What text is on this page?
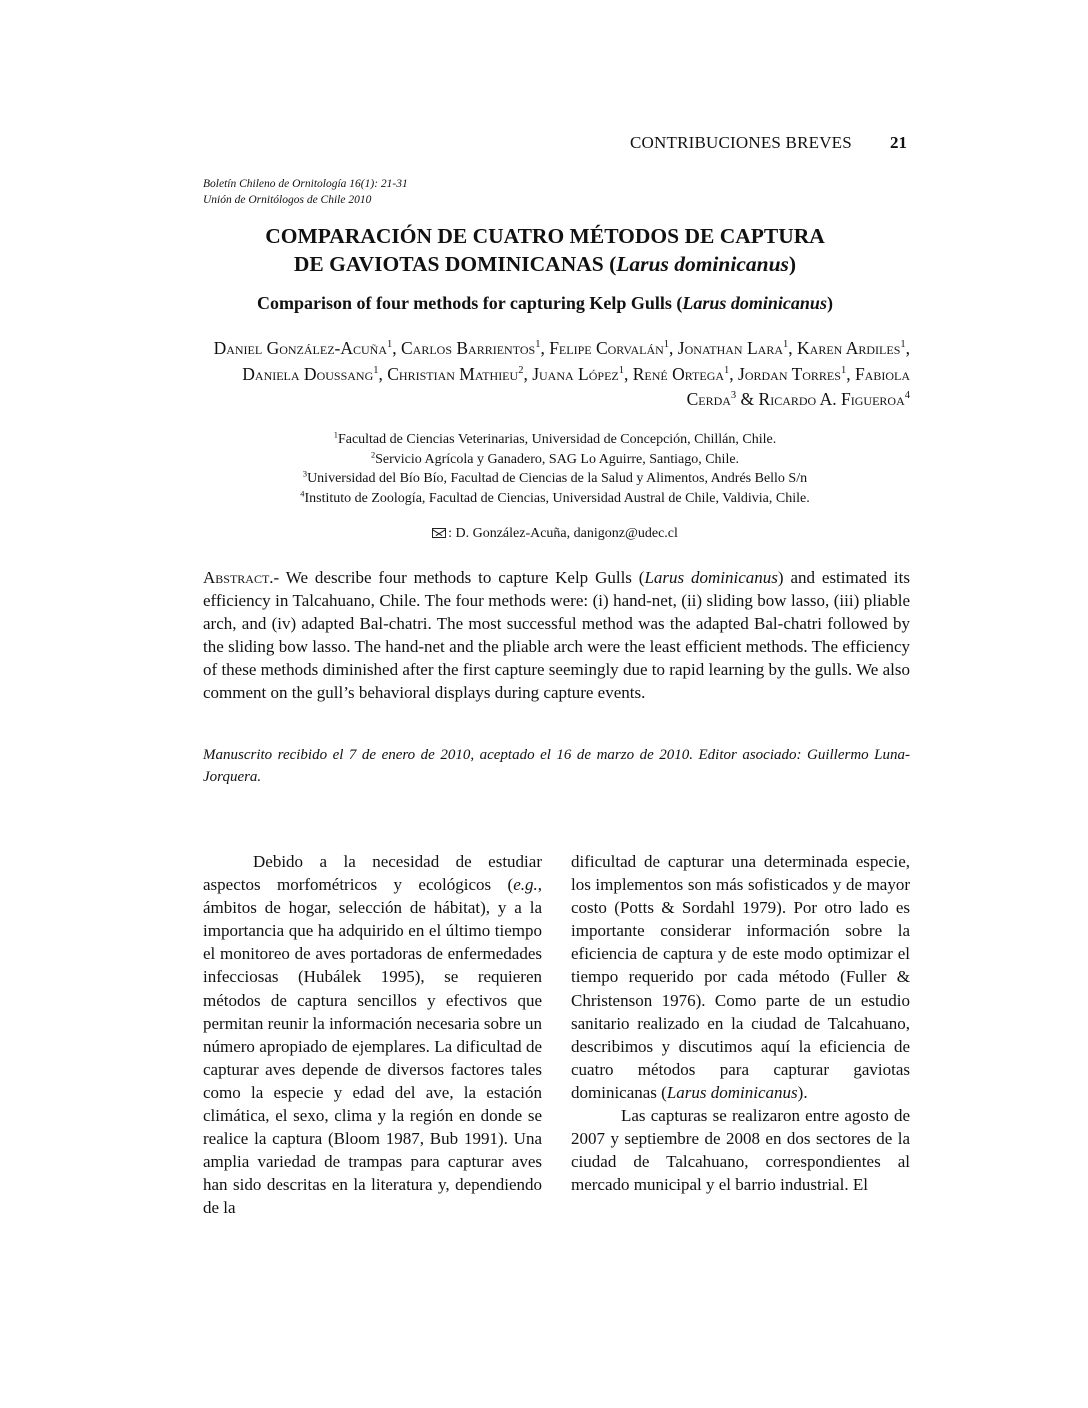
CONTRIBUCIONES BREVES 21
Boletín Chileno de Ornitología 16(1): 21-31
Unión de Ornitólogos de Chile 2010
COMPARACIÓN DE CUATRO MÉTODOS DE CAPTURA
DE GAVIOTAS DOMINICANAS (Larus dominicanus)
Comparison of four methods for capturing Kelp Gulls (Larus dominicanus)
Daniel González-Acuña$^1$, Carlos Barrientos$^1$, Felipe Corvalán$^1$, Jonathan Lara$^1$, Karen Ardiles$^1$, Daniela Doussang$^1$, Christian Mathieu$^2$, Juana López$^1$, René Ortega$^1$, Jordan Torres$^1$, Fabiola Cerda$^3$ & Ricardo A. Figueroa$^4$
$^1$Facultad de Ciencias Veterinarias, Universidad de Concepción, Chillán, Chile.
$^2$Servicio Agrícola y Ganadero, SAG Lo Aguirre, Santiago, Chile.
$^3$Universidad del Bío Bío, Facultad de Ciencias de la Salud y Alimentos, Andrés Bello S/n
$^4$Instituto de Zoología, Facultad de Ciencias, Universidad Austral de Chile, Valdivia, Chile.
: D. González-Acuña, danigonz@udec.cl
Abstract.- We describe four methods to capture Kelp Gulls (Larus dominicanus) and estimated its efficiency in Talcahuano, Chile. The four methods were: (i) hand-net, (ii) sliding bow lasso, (iii) pliable arch, and (iv) adapted Bal-chatri. The most successful method was the adapted Bal-chatri followed by the sliding bow lasso. The hand-net and the pliable arch were the least efficient methods. The efficiency of these methods diminished after the first capture seemingly due to rapid learning by the gulls. We also comment on the gull’s behavioral displays during capture events.
Manuscrito recibido el 7 de enero de 2010, aceptado el 16 de marzo de 2010. Editor asociado: Guillermo Luna-Jorquera.

Debido a la necesidad de estudiar aspectos morfométricos y ecológicos (e.g., ámbitos de hogar, selección de hábitat), y a la importancia que ha adquirido en el último tiempo el monitoreo de aves portadoras de enfermedades infecciosas (Hubálek 1995), se requieren métodos de captura sencillos y efectivos que permitan reunir la información necesaria sobre un número apropiado de ejemplares. La dificultad de capturar aves depende de diversos factores tales como la especie y edad del ave, la estación climática, el sexo, clima y la región en donde se realice la captura (Bloom 1987, Bub 1991). Una amplia variedad de trampas para capturar aves han sido descritas en la literatura y, dependiendo de la

dificultad de capturar una determinada especie, los implementos son más sofisticados y de mayor costo (Potts & Sordahl 1979). Por otro lado es importante considerar información sobre la eficiencia de captura y de este modo optimizar el tiempo requerido por cada método (Fuller & Christenson 1976). Como parte de un estudio sanitario realizado en la ciudad de Talcahuano, describimos y discutimos aquí la eficiencia de cuatro métodos para capturar gaviotas dominicanas (Larus dominicanus).

Las capturas se realizaron entre agosto de 2007 y septiembre de 2008 en dos sectores de la ciudad de Talcahuano, correspondientes al mercado municipal y el barrio industrial. El
